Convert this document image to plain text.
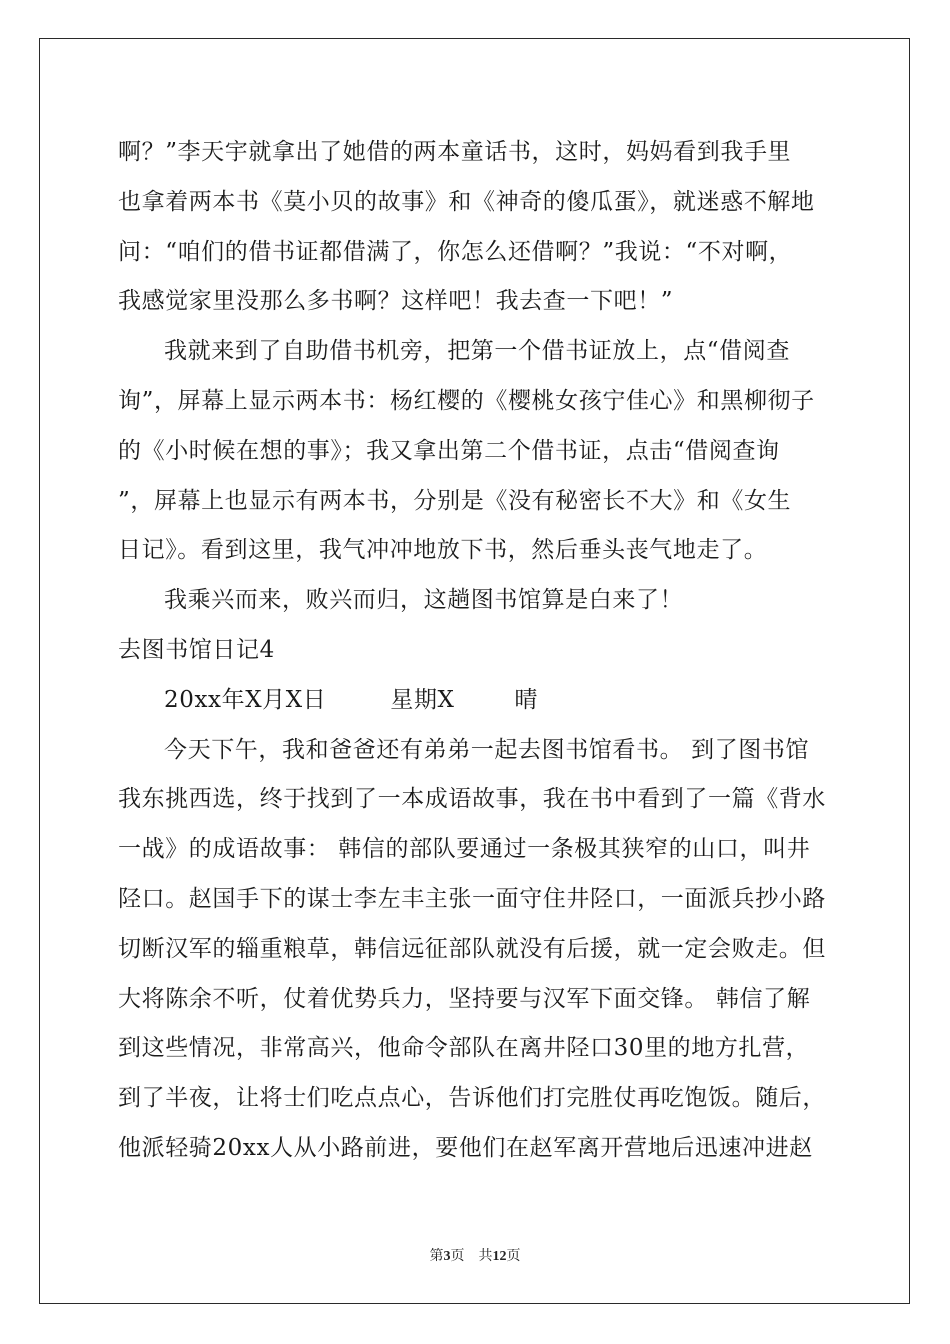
啊？”李天宇就拿出了她借的两本童话书，这时，妈妈看到我手里
也拿着两本书《莫小贝的故事》和《神奇的傻瓜蛋》，就迷惑不解地
问：“咱们的借书证都借满了，你怎么还借啊？”我说：“不对啊，
我感觉家里没那么多书啊？这样吧！我去查一下吧！”
我就来到了自助借书机旁，把第一个借书证放上，点“借阅查
询”，屏幕上显示两本书：杨红樱的《樱桃女孩宁佳心》和黑柳彻子
的《小时候在想的事》；我又拿出第二个借书证，点击“借阅查询
”，屏幕上也显示有两本书，分别是《没有秘密长不大》和《女生
日记》。看到这里，我气冲冲地放下书，然后垂头丧气地走了。
我乘兴而来，败兴而归，这趟图书馆算是白来了！
去图书馆日记4
20xx年X月X日	星期X	晴
今天下午，我和爸爸还有弟弟一起去图书馆看书。 到了图书馆
我东挑西选，终于找到了一本成语故事，我在书中看到了一篇《背水
一战》的成语故事： 韩信的部队要通过一条极其狭窄的山口，叫井
陉口。赵国手下的谋士李左丰主张一面守住井陉口，一面派兵抄小路
切断汉军的辎重粮草，韩信远征部队就没有后援，就一定会败走。但
大将陈余不听，仗着优势兵力，坚持要与汉军下面交锋。 韩信了解
到这些情况，非常高兴，他命令部队在离井陉口30里的地方扎营，
到了半夜，让将士们吃点点心，告诉他们打完胜仗再吃饱饭。随后，
他派轻骑20xx人从小路前进，要他们在赵军离开营地后迅速冲进赵
第3页 共12页
